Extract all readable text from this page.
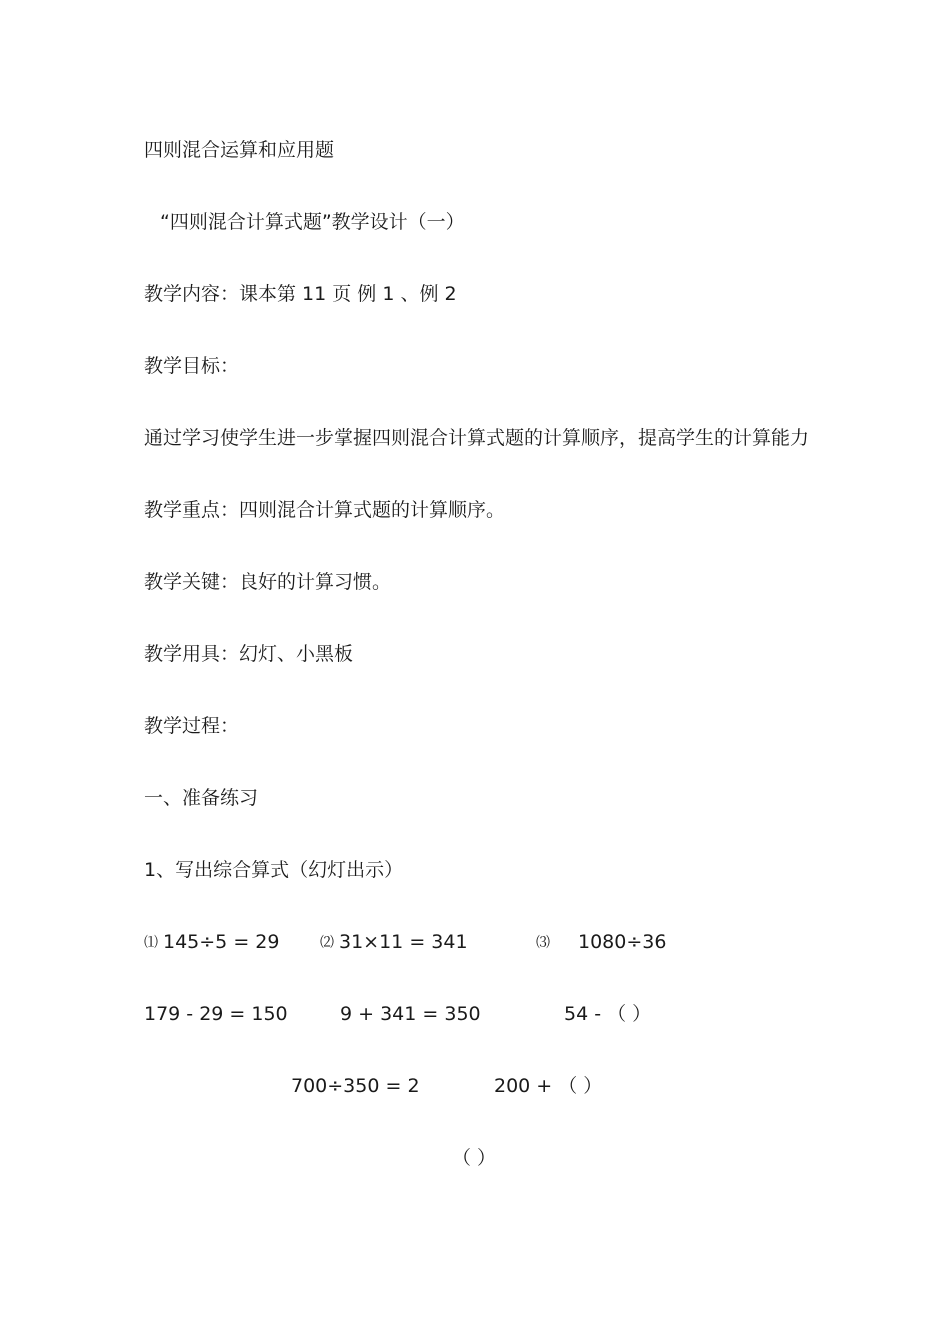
四则混合运算和应用题
“四则混合计算式题”教学设计（一）
教学内容：课本第 11 页 例 1 、例 2
教学目标：
通过学习使学生进一步掌握四则混合计算式题的计算顺序，提高学生的计算能力
教学重点：四则混合计算式题的计算顺序。
教学关键：良好的计算习惯。
教学用具：幻灯、小黑板
教学过程：
一、准备练习
1、写出综合算式（幻灯出示）
⑴ 145÷5 = 29
179 - 29 = 150
⑵ 31×11 = 341
9 + 341 = 350
700÷350 = 2
⑶ 1080÷36
54 - （ ）
200 + （ ）
（ ）
